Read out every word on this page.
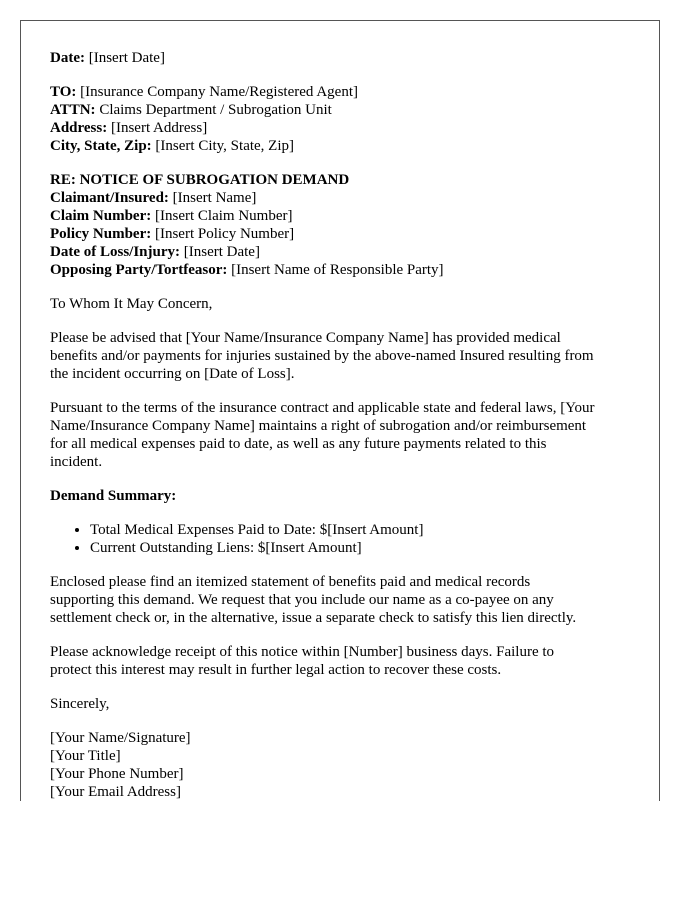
Date: [Insert Date]

TO: [Insurance Company Name/Registered Agent]
ATTN: Claims Department / Subrogation Unit
Address: [Insert Address]
City, State, Zip: [Insert City, State, Zip]
RE: NOTICE OF SUBROGATION DEMAND
Claimant/Insured: [Insert Name]
Claim Number: [Insert Claim Number]
Policy Number: [Insert Policy Number]
Date of Loss/Injury: [Insert Date]
Opposing Party/Tortfeasor: [Insert Name of Responsible Party]

To Whom It May Concern,

Please be advised that [Your Name/Insurance Company Name] has provided medical
benefits and/or payments for injuries sustained by the above-named Insured resulting from
the incident occurring on [Date of Loss].

Pursuant to the terms of the insurance contract and applicable state and federal laws, [Your
Name/Insurance Company Name] maintains a right of subrogation and/or reimbursement
for all medical expenses paid to date, as well as any future payments related to this
incident.

Demand Summary:

• Total Medical Expenses Paid to Date: $[Insert Amount]
• Current Outstanding Liens: $[Insert Amount]

Enclosed please find an itemized statement of benefits paid and medical records
supporting this demand. We request that you include our name as a co-payee on any
settlement check or, in the alternative, issue a separate check to satisfy this lien directly.

Please acknowledge receipt of this notice within [Number] business days. Failure to
protect this interest may result in further legal action to recover these costs.

Sincerely,

[Your Name/Signature]
[Your Title]
[Your Phone Number]
[Your Email Address]
